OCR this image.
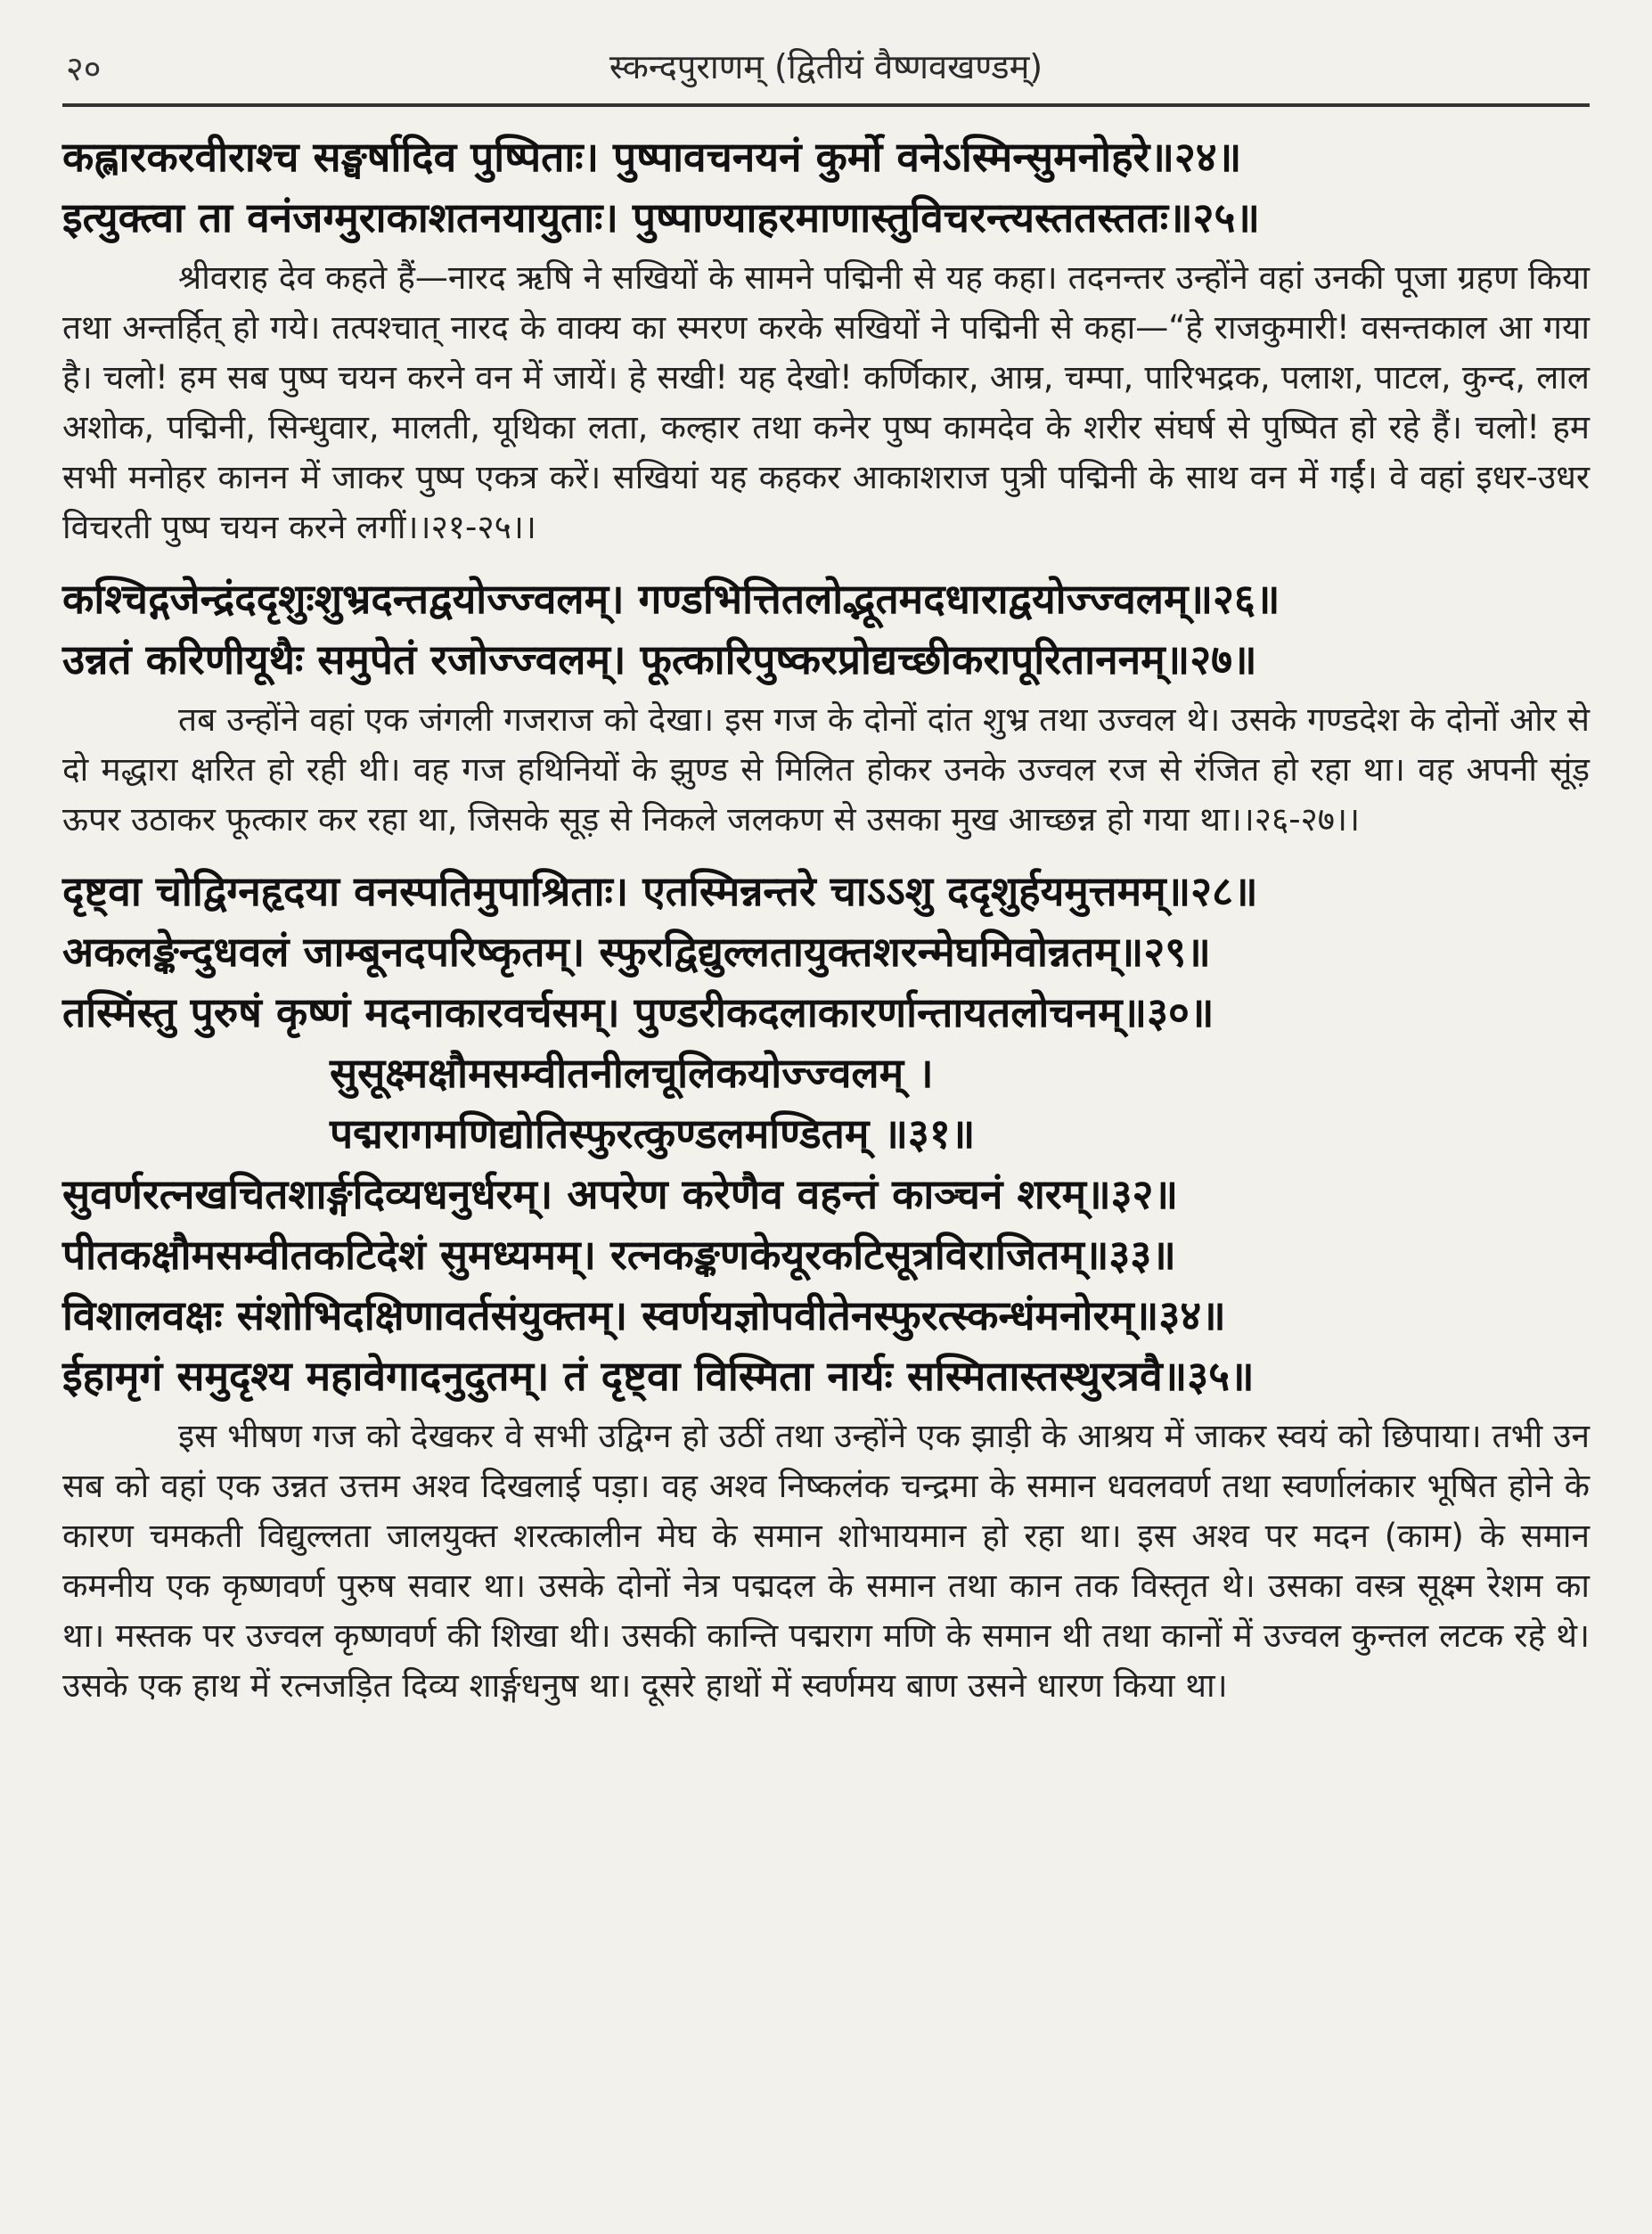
२०	स्कन्दपुराणम् (द्वितीयं वैष्णवखण्डम्)
कह्लारकरवीराश्च सङ्घर्षादिव पुष्पिताः। पुष्पावचनयनं कुर्मो वनेऽस्मिन्सुमनोहरे॥२४॥
इत्युक्त्वा ता वनंजग्मुराकाशतनयायुताः। पुष्पाण्याहरमाणास्तुविचरन्त्यस्ततस्ततः॥२५॥

श्रीवराह देव कहते हैं—नारद ऋषि ने सखियों के सामने पद्मिनी से यह कहा। तदनन्तर उन्होंने वहां उनकी पूजा ग्रहण किया तथा अन्तर्हित् हो गये। तत्पश्चात् नारद के वाक्य का स्मरण करके सखियों ने पद्मिनी से कहा—“हे राजकुमारी! वसन्तकाल आ गया है। चलो! हम सब पुष्प चयन करने वन में जायें। हे सखी! यह देखो! कर्णिकार, आम्र, चम्पा, पारिभद्रक, पलाश, पाटल, कुन्द, लाल अशोक, पद्मिनी, सिन्धुवार, मालती, यूथिका लता, कल्हार तथा कनेर पुष्प कामदेव के शरीर संघर्ष से पुष्पित हो रहे हैं। चलो! हम सभी मनोहर कानन में जाकर पुष्प एकत्र करें। सखियां यह कहकर आकाशराज पुत्री पद्मिनी के साथ वन में गईं। वे वहां इधर-उधर विचरती पुष्प चयन करने लगीं।।२१-२५।।

कश्चिद्गजेन्द्रंददृशुःशुभ्रदन्तद्वयोज्ज्वलम्। गण्डभित्तितलोद्भूतमदधाराद्वयोज्ज्वलम्॥२६॥
उन्नतं करिणीयूथैः समुपेतं रजोज्ज्वलम्। फूत्कारिपुष्करप्रोद्यच्छीकरापूरिताननम्॥२७॥

तब उन्होंने वहां एक जंगली गजराज को देखा। इस गज के दोनों दांत शुभ्र तथा उज्वल थे। उसके गण्डदेश के दोनों ओर से दो मद्धारा क्षरित हो रही थी। वह गज हथिनियों के झुण्ड से मिलित होकर उनके उज्वल रज से रंजित हो रहा था। वह अपनी सूंड़ ऊपर उठाकर फूत्कार कर रहा था, जिसके सूड़ से निकले जलकण से उसका मुख आच्छन्न हो गया था।।२६-२७।।

दृष्ट्वा चोद्विग्नहृदया वनस्पतिमुपाश्रिताः। एतस्मिन्नन्तरे चाऽऽशु ददृशुर्हयमुत्तमम्॥२८॥
अकलङ्केन्दुधवलं जाम्बूनदपरिष्कृतम्। स्फुरद्विद्युल्लतायुक्तशरन्मेघमिवोन्नतम्॥२९॥
तस्मिंस्तु पुरुषं कृष्णं मदनाकारवर्चसम्। पुण्डरीकदलाकारर्णान्तायतलोचनम्॥३०॥
सुसूक्ष्मक्षौमसम्वीतनीलचूलिकयोज्ज्वलम् ।
पद्मरागमणिद्योतिस्फुरत्कुण्डलमण्डितम् ॥३१॥
सुवर्णरत्नखचितशार्ङ्गदिव्यधनुर्धरम्। अपरेण करेणैव वहन्तं काञ्चनं शरम्॥३२॥
पीतकक्षौमसम्वीतकटिदेशं सुमध्यमम्। रत्नकङ्कणकेयूरकटिसूत्रविराजितम्॥३३॥
विशालवक्षः संशोभिदक्षिणावर्तसंयुक्तम्। स्वर्णयज्ञोपवीतेनस्फुरत्स्कन्धंमनोरम्॥३४॥
ईहामृगं समुदृश्य महावेगादनुदुतम्। तं दृष्ट्वा विस्मिता नार्यः सस्मितास्तस्थुरत्रवै॥३५॥

इस भीषण गज को देखकर वे सभी उद्विग्न हो उठीं तथा उन्होंने एक झाड़ी के आश्रय में जाकर स्वयं को छिपाया। तभी उन सब को वहां एक उन्नत उत्तम अश्व दिखलाई पड़ा। वह अश्व निष्कलंक चन्द्रमा के समान धवलवर्ण तथा स्वर्णालंकार भूषित होने के कारण चमकती विद्युल्लता जालयुक्त शरत्कालीन मेघ के समान शोभायमान हो रहा था। इस अश्व पर मदन (काम) के समान कमनीय एक कृष्णवर्ण पुरुष सवार था। उसके दोनों नेत्र पद्मदल के समान तथा कान तक विस्तृत थे। उसका वस्त्र सूक्ष्म रेशम का था। मस्तक पर उज्वल कृष्णवर्ण की शिखा थी। उसकी कान्ति पद्मराग मणि के समान थी तथा कानों में उज्वल कुन्तल लटक रहे थे। उसके एक हाथ में रत्नजड़ित दिव्य शार्ङ्गधनुष था। दूसरे हाथों में स्वर्णमय बाण उसने धारण किया था।
